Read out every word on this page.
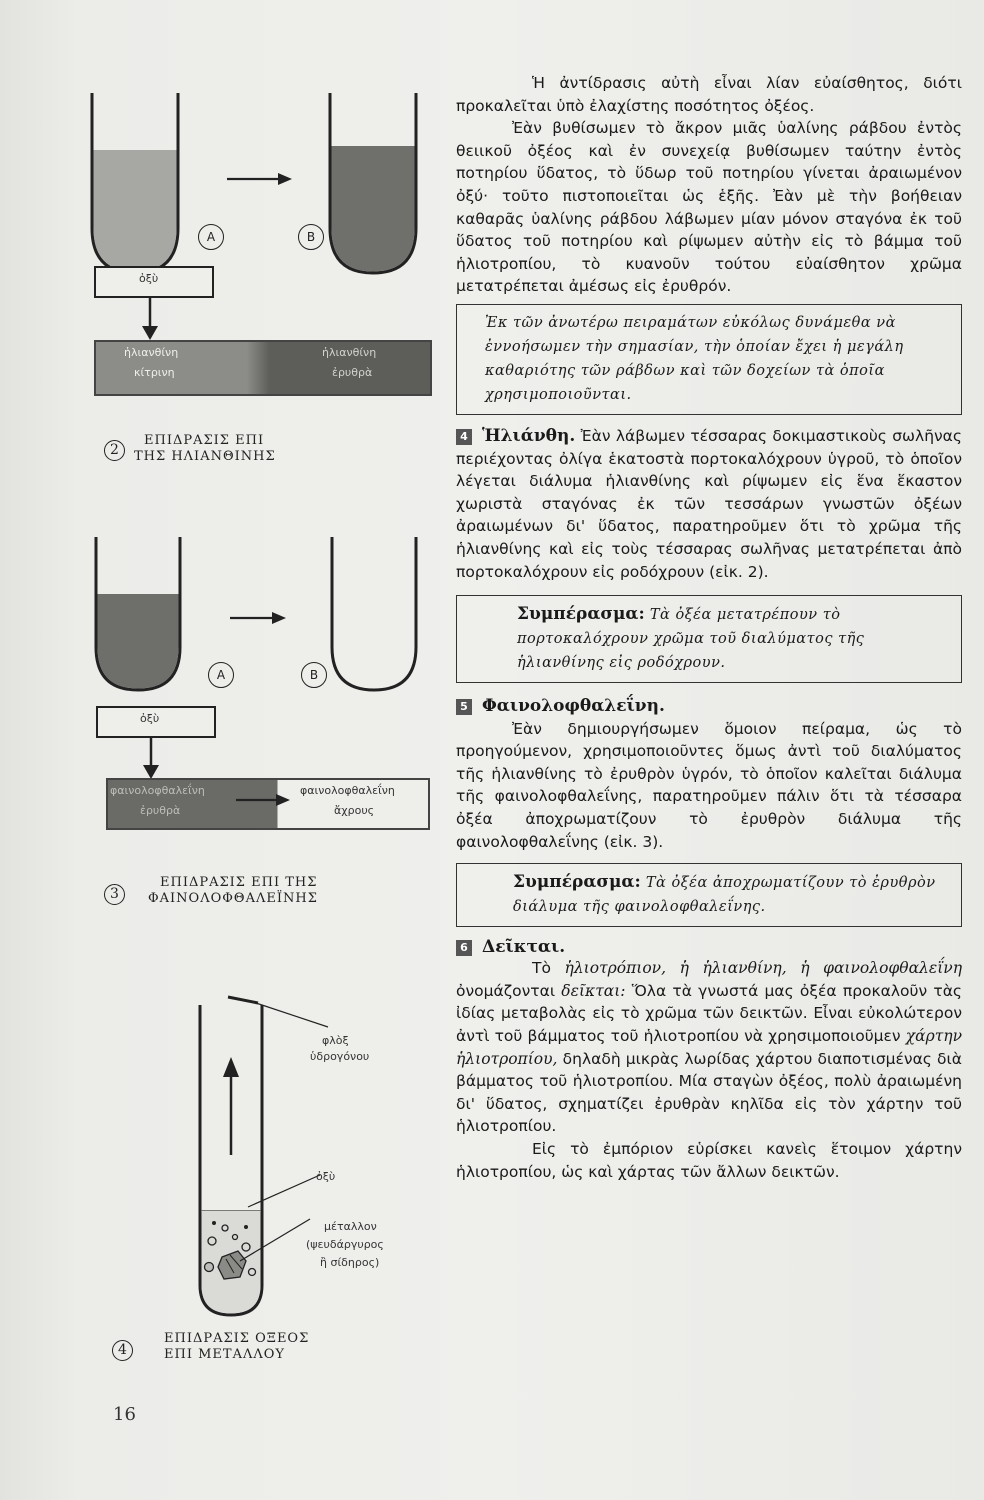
A	B
ὀξὺ
ἡλιανθίνη
κίτρινη
ἡλιανθίνη
ἐρυθρὰ
2
ΕΠΙΔΡΑΣΙΣ ΕΠΙ
ΤΗΣ ΗΛΙΑΝΘΙΝΗΣ
A	B
ὀξὺ
φαινολοφθαλεΐνη
ἐρυθρὰ
φαινολοφθαλεΐνη
ἄχρους
3
ΕΠΙΔΡΑΣΙΣ ΕΠΙ ΤΗΣ
ΦΑΙΝΟΛΟΦΘΑΛΕΪΝΗΣ
φλὸξ
ὑδρογόνου
ὀξὺ
μέταλλον
(ψευδάργυρος
ἢ σίδηρος)
4
ΕΠΙΔΡΑΣΙΣ ΟΞΕΟΣ
ΕΠΙ ΜΕΤΑΛΛΟΥ

Ἡ ἀντίδρασις αὐτὴ εἶναι λίαν εὐαίσθητος, διότι προκαλεῖται ὑπὸ ἐλαχίστης ποσότητος ὀξέος.

Ἐὰν βυθίσωμεν τὸ ἄκρον μιᾶς ὑαλίνης ράβδου ἐντὸς θειικοῦ ὀξέος καὶ ἐν συνεχείᾳ βυθίσωμεν ταύτην ἐντὸς ποτηρίου ὕδατος, τὸ ὕδωρ τοῦ ποτηρίου γίνεται ἀραιωμένον ὀξύ· τοῦτο πιστοποιεῖται ὡς ἑξῆς. Ἐὰν μὲ τὴν βοήθειαν καθαρᾶς ὑαλίνης ράβδου λάβωμεν μίαν μόνον σταγόνα ἐκ τοῦ ὕδατος τοῦ ποτηρίου καὶ ρίψωμεν αὐτὴν εἰς τὸ βάμμα τοῦ ἡλιοτροπίου, τὸ κυανοῦν τούτου εὐαίσθητον χρῶμα μετατρέπεται ἀμέσως εἰς ἐρυθρόν.

Ἐκ τῶν ἀνωτέρω πειραμάτων εὐκόλως δυνάμεθα νὰ ἐννοήσωμεν τὴν σημασίαν, τὴν ὁποίαν ἔχει ἡ μεγάλη καθαριότης τῶν ράβδων καὶ τῶν δοχείων τὰ ὁποῖα χρησιμοποιοῦνται.

4 Ἡλιάνθη. Ἐὰν λάβωμεν τέσσαρας δοκιμαστικοὺς σωλῆνας περιέχοντας ὀλίγα ἑκατοστὰ πορτοκαλόχρουν ὑγροῦ, τὸ ὁποῖον λέγεται διάλυμα ἡλιανθίνης καὶ ρίψωμεν εἰς ἕνα ἕκαστον χωριστὰ σταγόνας ἐκ τῶν τεσσάρων γνωστῶν ὀξέων ἀραιωμένων δι' ὕδατος, παρατηροῦμεν ὅτι τὸ χρῶμα τῆς ἡλιανθίνης καὶ εἰς τοὺς τέσσαρας σωλῆνας μετατρέπεται ἀπὸ πορτοκαλόχρουν εἰς ροδόχρουν (εἰκ. 2).

Συμπέρασμα: Τὰ ὀξέα μετατρέπουν τὸ πορτοκαλόχρουν χρῶμα τοῦ διαλύματος τῆς ἡλιανθίνης εἰς ροδόχρουν.

5 Φαινολοφθαλεΐνη.

Ἐὰν δημιουργήσωμεν ὅμοιον πείραμα, ὡς τὸ προηγούμενον, χρησιμοποιοῦντες ὅμως ἀντὶ τοῦ διαλύματος τῆς ἡλιανθίνης τὸ ἐρυθρὸν ὑγρόν, τὸ ὁποῖον καλεῖται διάλυμα τῆς φαινολοφθαλεΐνης, παρατηροῦμεν πάλιν ὅτι τὰ τέσσαρα ὀξέα ἀποχρωματίζουν τὸ ἐρυθρὸν διάλυμα τῆς φαινολοφθαλεΐνης (εἰκ. 3).

Συμπέρασμα: Τὰ ὀξέα ἀποχρωματίζουν τὸ ἐρυθρὸν διάλυμα τῆς φαινολοφθαλεΐνης.

6 Δεῖκται.

Τὸ ἡλιοτρόπιον, ἡ ἡλιανθίνη, ἡ φαινολοφθαλεΐνη ὀνομάζονται δεῖκται: Ὅλα τὰ γνωστά μας ὀξέα προκαλοῦν τὰς ἰδίας μεταβολὰς εἰς τὸ χρῶμα τῶν δεικτῶν. Εἶναι εὐκολώτερον ἀντὶ τοῦ βάμματος τοῦ ἡλιοτροπίου νὰ χρησιμοποιοῦμεν χάρτην ἡλιοτροπίου, δηλαδὴ μικρὰς λωρίδας χάρτου διαποτισμένας διὰ βάμματος τοῦ ἡλιοτροπίου. Μία σταγὼν ὀξέος, πολὺ ἀραιωμένη δι' ὕδατος, σχηματίζει ἐρυθρὰν κηλῖδα εἰς τὸν χάρτην τοῦ ἡλιοτροπίου.

Εἰς τὸ ἐμπόριον εὑρίσκει κανεὶς ἕτοιμον χάρτην ἡλιοτροπίου, ὡς καὶ χάρτας τῶν ἄλλων δεικτῶν.

16
